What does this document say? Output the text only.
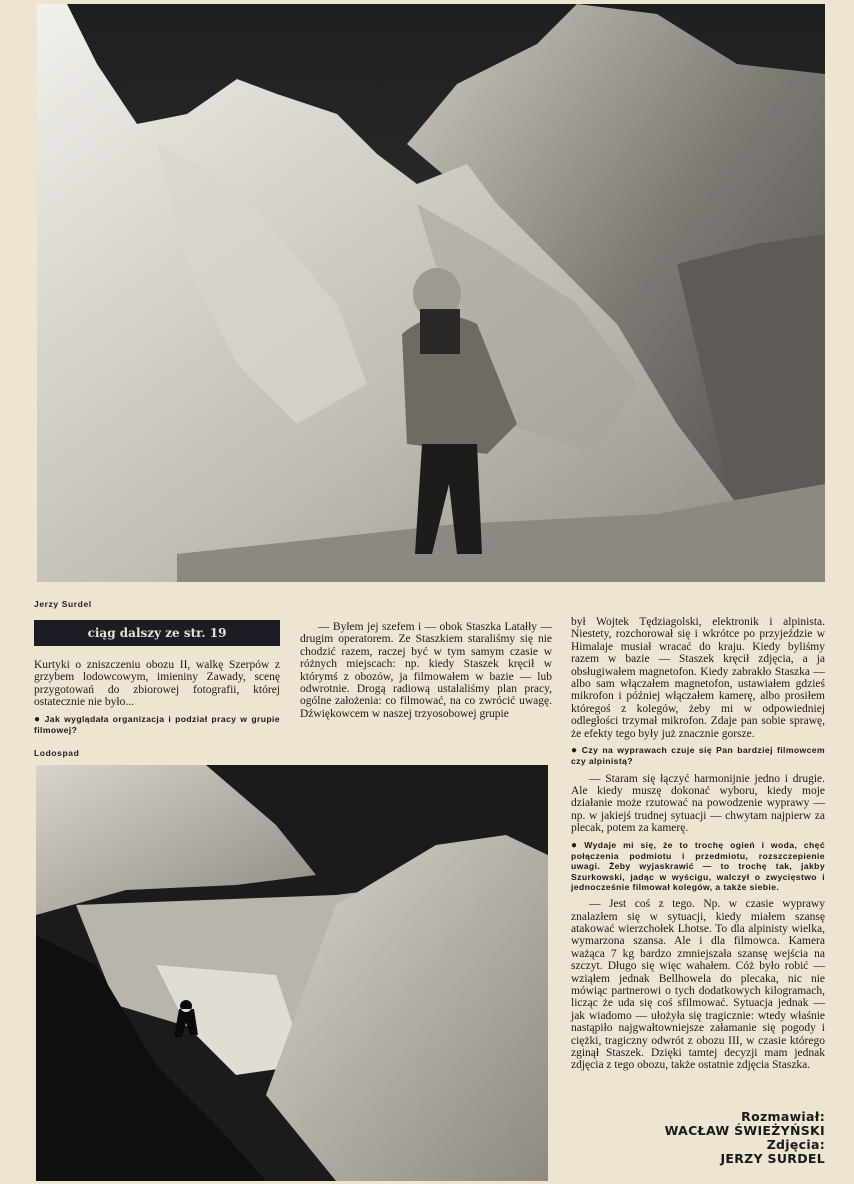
Jerzy Surdel
ciąg dalszy ze str. 19

Kurtyki o zniszczeniu obozu II, walkę Szerpów z grzybem lodowcowym, imieniny Zawady, scenę przygotowań do zbiorowej fotografii, której ostatecznie nie było...

● Jak wyglądała organizacja i podział pracy w grupie filmowej?

Lodospad

— Byłem jej szefem i — obok Staszka Latałły — drugim operatorem. Ze Staszkiem staraliśmy się nie chodzić razem, raczej być w tym samym czasie w różnych miejscach: np. kiedy Staszek kręcił w którymś z obozów, ja filmowałem w bazie — lub odwrotnie. Drogą radiową ustalaliśmy plan pracy, ogólne założenia: co filmować, na co zwrócić uwagę. Dźwiękowcem w naszej trzyosobowej grupie

był Wojtek Tędziagolski, elektronik i alpinista. Niestety, rozchorował się i wkrótce po przyjeździe w Himalaje musiał wracać do kraju. Kiedy byliśmy razem w bazie — Staszek kręcił zdjęcia, a ja obsługiwałem magnetofon. Kiedy zabrakło Staszka — albo sam włączałem magnetofon, ustawiałem gdzieś mikrofon i później włączałem kamerę, albo prosiłem któregoś z kolegów, żeby mi w odpowiedniej odległości trzymał mikrofon. Zdaje pan sobie sprawę, że efekty tego były już znacznie gorsze.

● Czy na wyprawach czuje się Pan bardziej filmowcem czy alpinistą?

— Staram się łączyć harmonijnie jedno i drugie. Ale kiedy muszę dokonać wyboru, kiedy moje działanie może rzutować na powodzenie wyprawy — np. w jakiejś trudnej sytuacji — chwytam najpierw za plecak, potem za kamerę.

● Wydaje mi się, że to trochę ogień i woda, chęć połączenia podmiotu i przedmiotu, rozszczepienie uwagi. Żeby wyjaskrawić — to trochę tak, jakby Szurkowski, jadąc w wyścigu, walczył o zwycięstwo i jednocześnie filmował kolegów, a także siebie.

— Jest coś z tego. Np. w czasie wyprawy znalazłem się w sytuacji, kiedy miałem szansę atakować wierzchołek Lhotse. To dla alpinisty wielka, wymarzona szansa. Ale i dla filmowca. Kamera ważąca 7 kg bardzo zmniejszała szansę wejścia na szczyt. Długo się więc wahałem. Cóż było robić — wziąłem jednak Bellhowela do plecaka, nic nie mówiąc partnerowi o tych dodatkowych kilogramach, licząc że uda się coś sfilmować. Sytuacja jednak — jak wiadomo — ułożyła się tragicznie: wtedy właśnie nastąpiło najgwałtowniejsze załamanie się pogody i ciężki, tragiczny odwrót z obozu III, w czasie którego zginął Staszek. Dzięki tamtej decyzji mam jednak zdjęcia z tego obozu, także ostatnie zdjęcia Staszka.

Rozmawiał:
WACŁAW ŚWIEŻYŃSKI
Zdjęcia:
JERZY SURDEL
